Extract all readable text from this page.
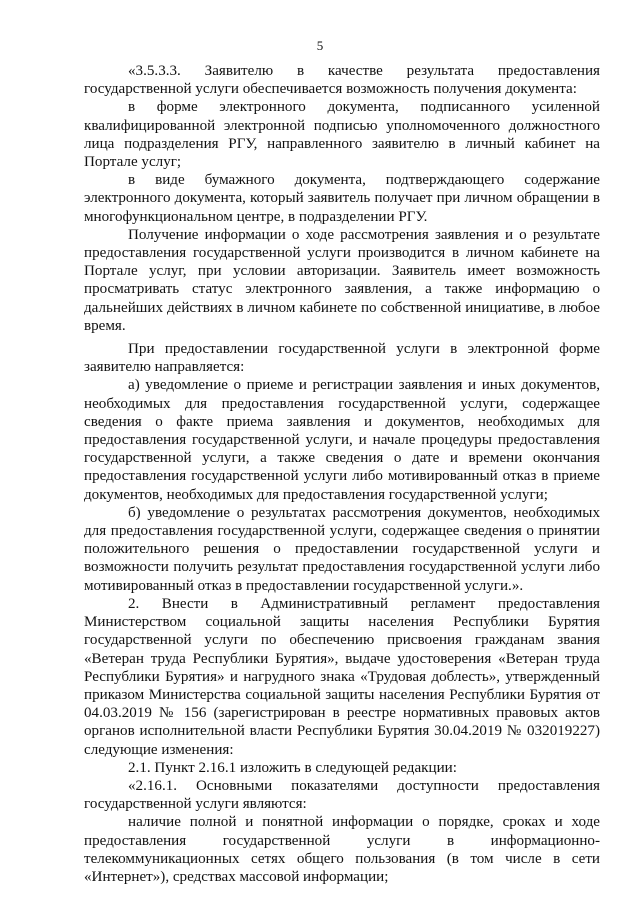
5

«3.5.3.3. Заявителю в качестве результата предоставления государственной услуги обеспечивается возможность получения документа:

в форме электронного документа, подписанного усиленной квалифицированной электронной подписью уполномоченного должностного лица подразделения РГУ, направленного заявителю в личный кабинет на Портале услуг;

в виде бумажного документа, подтверждающего содержание электронного документа, который заявитель получает при личном обращении в многофункциональном центре, в подразделении РГУ.

Получение информации о ходе рассмотрения заявления и о результате предоставления государственной услуги производится в личном кабинете на Портале услуг, при условии авторизации. Заявитель имеет возможность просматривать статус электронного заявления, а также информацию о дальнейших действиях в личном кабинете по собственной инициативе, в любое время.

При предоставлении государственной услуги в электронной форме заявителю направляется:

а) уведомление о приеме и регистрации заявления и иных документов, необходимых для предоставления государственной услуги, содержащее сведения о факте приема заявления и документов, необходимых для предоставления государственной услуги, и начале процедуры предоставления государственной услуги, а также сведения о дате и времени окончания предоставления государственной услуги либо мотивированный отказ в приеме документов, необходимых для предоставления государственной услуги;

б) уведомление о результатах рассмотрения документов, необходимых для предоставления государственной услуги, содержащее сведения о принятии положительного решения о предоставлении государственной услуги и возможности получить результат предоставления государственной услуги либо мотивированный отказ в предоставлении государственной услуги.».

2. Внести в Административный регламент предоставления Министерством социальной защиты населения Республики Бурятия государственной услуги по обеспечению присвоения гражданам звания «Ветеран труда Республики Бурятия», выдаче удостоверения «Ветеран труда Республики Бурятия» и нагрудного знака «Трудовая доблесть», утвержденный приказом Министерства социальной защиты населения Республики Бурятия от 04.03.2019 № 156 (зарегистрирован в реестре нормативных правовых актов органов исполнительной власти Республики Бурятия 30.04.2019 № 032019227) следующие изменения:

2.1. Пункт 2.16.1 изложить в следующей редакции:

«2.16.1. Основными показателями доступности предоставления государственной услуги являются:

наличие полной и понятной информации о порядке, сроках и ходе предоставления государственной услуги в информационно-телекоммуникационных сетях общего пользования (в том числе в сети «Интернет»), средствах массовой информации;
